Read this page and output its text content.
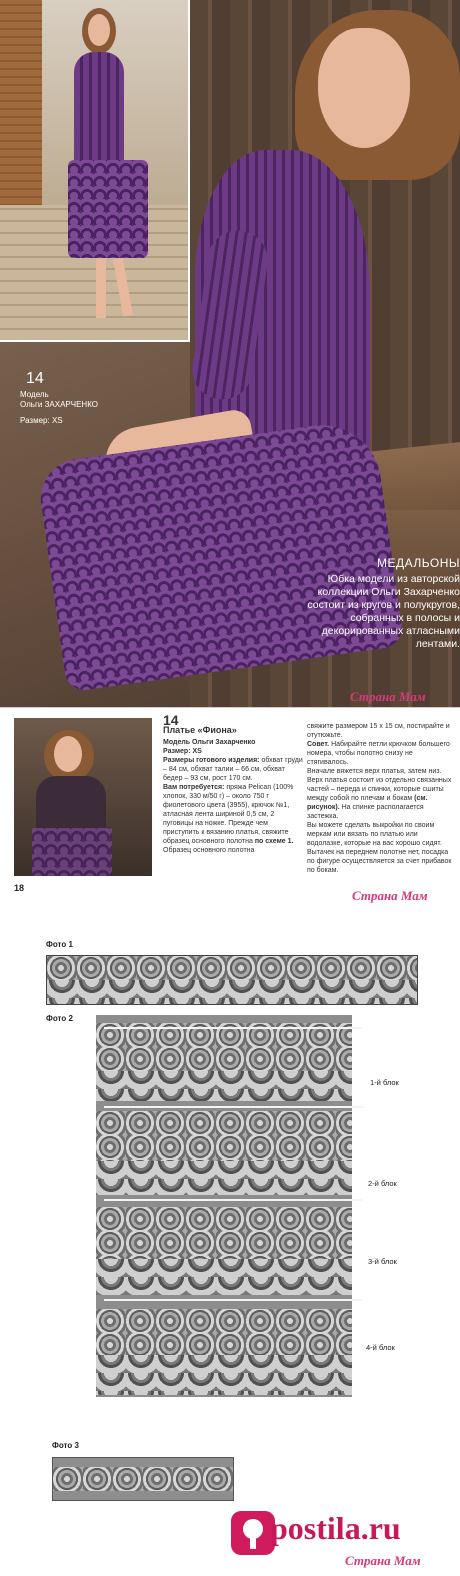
14
Модель
Ольги ЗАХАРЧЕНКО
Размер: XS
МЕДАЛЬОНЫ
Юбка модели из авторской коллекции Ольги Захарченко состоит из кругов и полукругов, собранных в полосы и декорированных атласными лентами.
Страна Мам
14
Платье «Фиона»
Модель Ольги Захарченко
Размер: XS
Размеры готового изделия: обхват груди – 84 см, обхват талии – 66 см, обхват бедер – 93 см, рост 170 см.
Вам потребуется: пряжа Pelican (100% хлопок, 330 м/50 г) – около 750 г фиолетового цвета (3955), крючок №1, атласная лента шириной 0,5 см, 2 пуговицы на ножке. Прежде чем приступить к вязанию платья, свяжите образец основного полотна по схеме 1. Образец основного полотна
свяжите размером 15 х 15 см, постирайте и отутюжьте.
Совет. Набирайте петли крючком большего номера, чтобы полотно снизу не стягивалось.
Вначале вяжется верх платья, затем низ. Верх платья состоит из отдельно связанных частей – переда и спинки, которые сшиты между собой по плечам и бокам (см. рисунок). На спинке располагается застежка.
Вы можете сделать выкройки по своим меркам или вязать по платью или водолазке, которые на вас хорошо сидят.
Вытачек на переднем полотне нет, посадка по фигуре осуществляется за счет прибавок по бокам.
18	Страна Мам
Фото 1
Фото 2
1-й блок
2-й блок
3-й блок
4-й блок
Фото 3
postila.ru
Страна Мам
